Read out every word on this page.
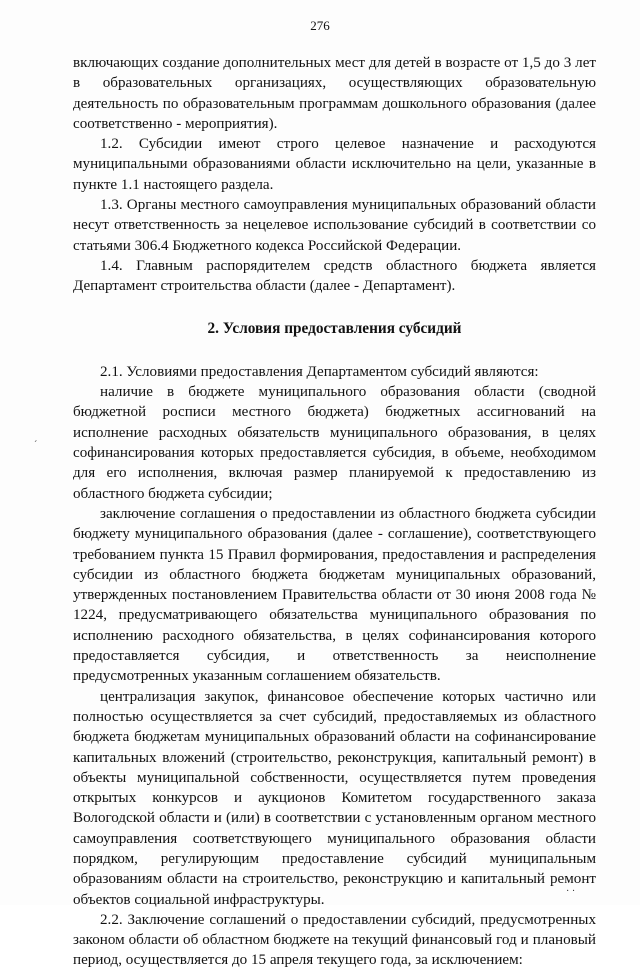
276

включающих создание дополнительных мест для детей в возрасте от 1,5 до 3 лет в образовательных организациях, осуществляющих образовательную деятельность по образовательным программам дошкольного образования (далее соответственно - мероприятия).

1.2. Субсидии имеют строго целевое назначение и расходуются муниципальными образованиями области исключительно на цели, указанные в пункте 1.1 настоящего раздела.

1.3. Органы местного самоуправления муниципальных образований области несут ответственность за нецелевое использование субсидий в соответствии со статьями 306.4 Бюджетного кодекса Российской Федерации.

1.4. Главным распорядителем средств областного бюджета является Департамент строительства области (далее - Департамент).

2. Условия предоставления субсидий

2.1. Условиями предоставления Департаментом субсидий являются:

наличие в бюджете муниципального образования области (сводной бюджетной росписи местного бюджета) бюджетных ассигнований на исполнение расходных обязательств муниципального образования, в целях софинансирования которых предоставляется субсидия, в объеме, необходимом для его исполнения, включая размер планируемой к предоставлению из областного бюджета субсидии;

заключение соглашения о предоставлении из областного бюджета субсидии бюджету муниципального образования (далее - соглашение), соответствующего требованием пункта 15 Правил формирования, предоставления и распределения субсидии из областного бюджета бюджетам муниципальных образований, утвержденных постановлением Правительства области от 30 июня 2008 года № 1224, предусматривающего обязательства муниципального образования по исполнению расходного обязательства, в целях софинансирования которого предоставляется субсидия, и ответственность за неисполнение предусмотренных указанным соглашением обязательств.

централизация закупок, финансовое обеспечение которых частично или полностью осуществляется за счет субсидий, предоставляемых из областного бюджета бюджетам муниципальных образований области на софинансирование капитальных вложений (строительство, реконструкция, капитальный ремонт) в объекты муниципальной собственности, осуществляется путем проведения открытых конкурсов и аукционов Комитетом государственного заказа Вологодской области и (или) в соответствии с установленным органом местного самоуправления соответствующего муниципального образования области порядком, регулирующим предоставление субсидий муниципальным образованиям области на строительство, реконструкцию и капитальный ремонт объектов социальной инфраструктуры.

2.2. Заключение соглашений о предоставлении субсидий, предусмотренных законом области об областном бюджете на текущий финансовый год и плановый период, осуществляется до 15 апреля текущего года, за исключением:

´
· ·
